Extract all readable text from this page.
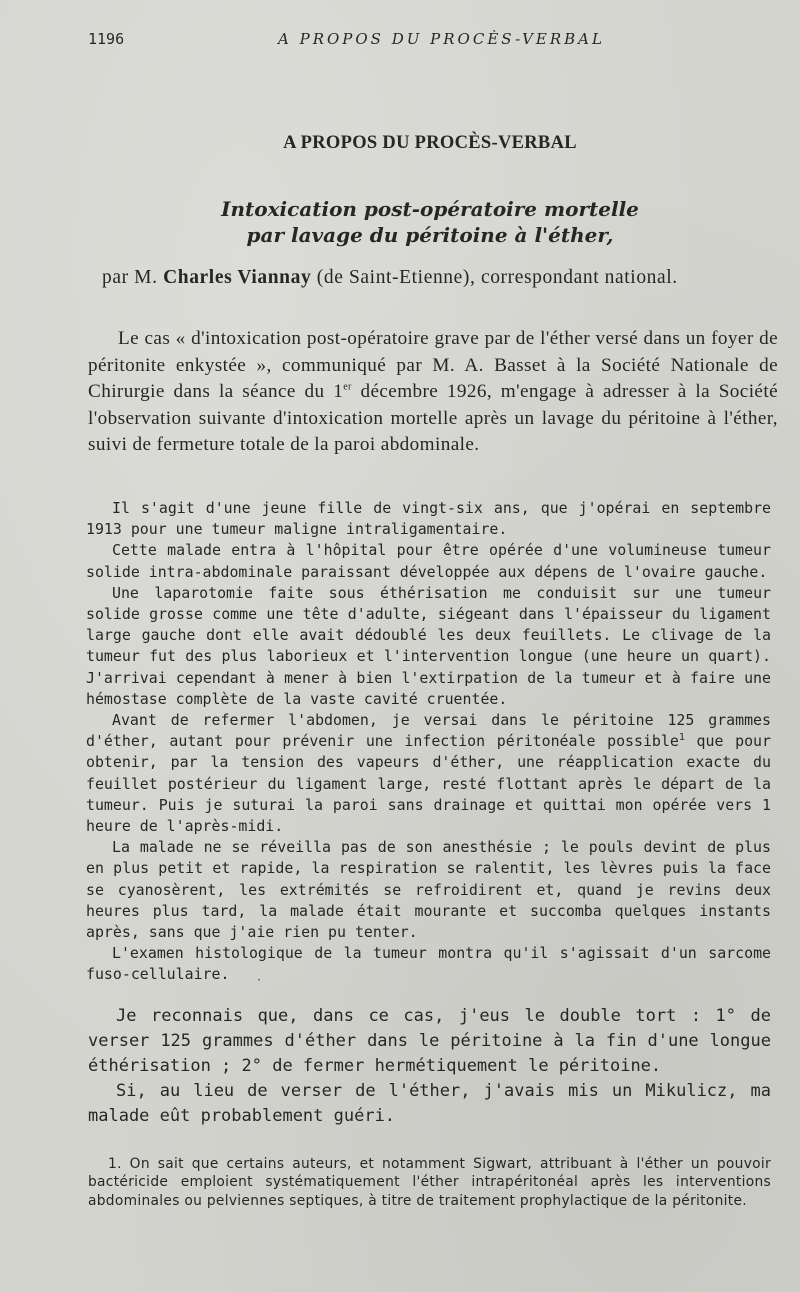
1196	A PROPOS DU PROCÈS-VERBAL
A PROPOS DU PROCÈS-VERBAL
Intoxication post-opératoire mortelle
par lavage du péritoine à l'éther,
par M. Charles Viannay (de Saint-Etienne), correspondant national.

Le cas « d'intoxication post-opératoire grave par de l'éther versé dans un foyer de péritonite enkystée », communiqué par M. A. Basset à la Société Nationale de Chirurgie dans la séance du 1er décembre 1926, m'engage à adresser à la Société l'observation suivante d'intoxication mortelle après un lavage du péritoine à l'éther, suivi de fermeture totale de la paroi abdominale.

Il s'agit d'une jeune fille de vingt-six ans, que j'opérai en septembre 1913 pour une tumeur maligne intraligamentaire.

Cette malade entra à l'hôpital pour être opérée d'une volumineuse tumeur solide intra-abdominale paraissant développée aux dépens de l'ovaire gauche.

Une laparotomie faite sous éthérisation me conduisit sur une tumeur solide grosse comme une tête d'adulte, siégeant dans l'épaisseur du ligament large gauche dont elle avait dédoublé les deux feuillets. Le clivage de la tumeur fut des plus laborieux et l'intervention longue (une heure un quart). J'arrivai cependant à mener à bien l'extirpation de la tumeur et à faire une hémostase complète de la vaste cavité cruentée.

Avant de refermer l'abdomen, je versai dans le péritoine 125 grammes d'éther, autant pour prévenir une infection péritonéale possible$^1$ que pour obtenir, par la tension des vapeurs d'éther, une réapplication exacte du feuillet postérieur du ligament large, resté flottant après le départ de la tumeur. Puis je suturai la paroi sans drainage et quittai mon opérée vers 1 heure de l'après-midi.

La malade ne se réveilla pas de son anesthésie ; le pouls devint de plus en plus petit et rapide, la respiration se ralentit, les lèvres puis la face se cyanosèrent, les extrémités se refroidirent et, quand je revins deux heures plus tard, la malade était mourante et succomba quelques instants après, sans que j'aie rien pu tenter.

L'examen histologique de la tumeur montra qu'il s'agissait d'un sarcome fuso-cellulaire.	·

Je reconnais que, dans ce cas, j'eus le double tort : 1° de verser 125 grammes d'éther dans le péritoine à la fin d'une longue éthérisation ; 2° de fermer hermétiquement le péritoine.

Si, au lieu de verser de l'éther, j'avais mis un Mikulicz, ma malade eût probablement guéri.

1. On sait que certains auteurs, et notamment Sigwart, attribuant à l'éther un pouvoir bactéricide emploient systématiquement l'éther intrapéritonéal après les interventions abdominales ou pelviennes septiques, à titre de traitement prophylactique de la péritonite.
